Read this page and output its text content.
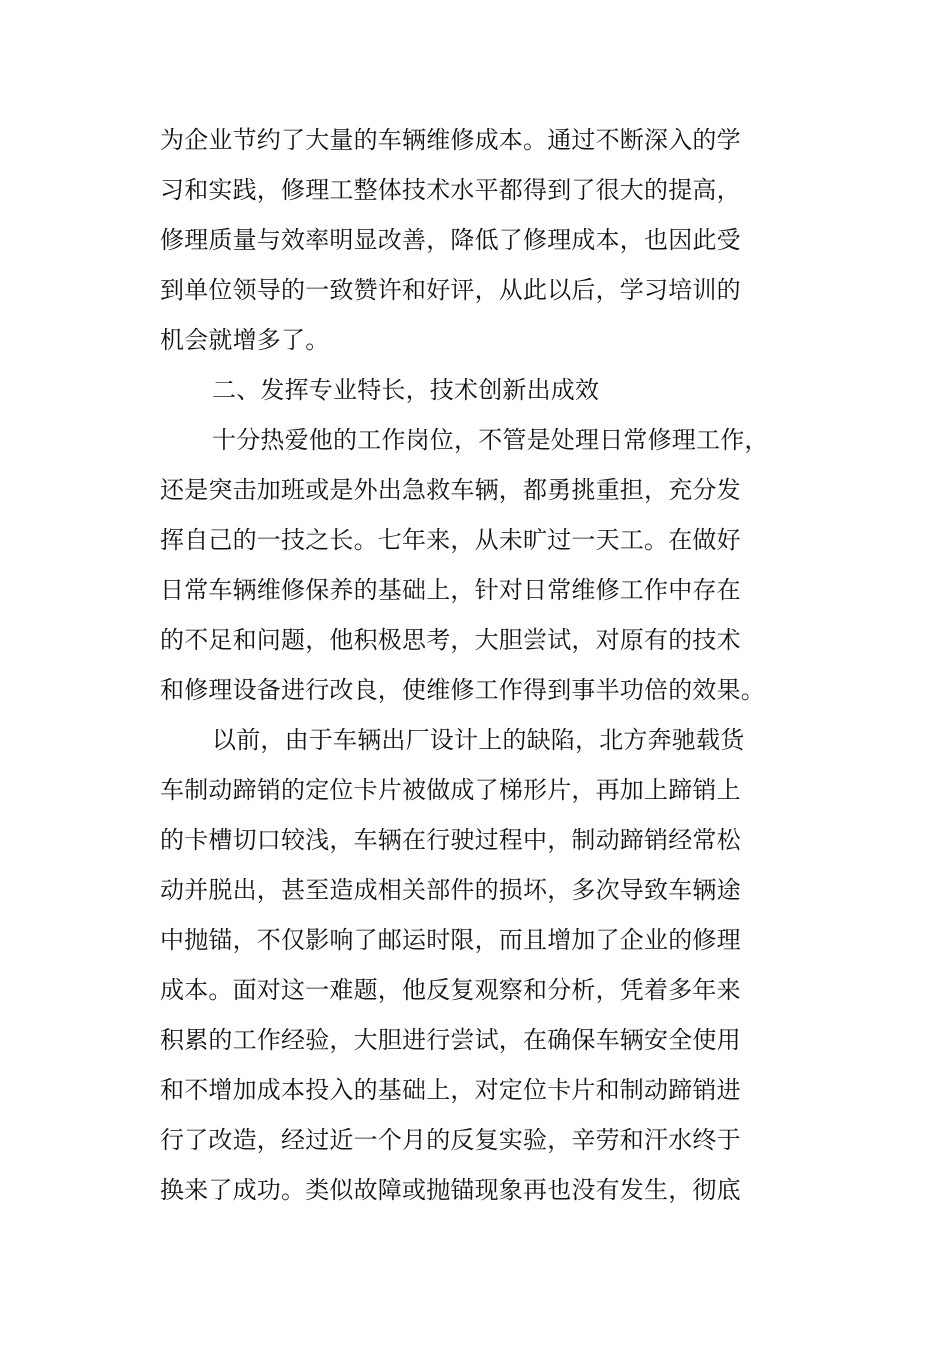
为企业节约了大量的车辆维修成本。通过不断深入的学

习和实践，修理工整体技术水平都得到了很大的提高，

修理质量与效率明显改善，降低了修理成本，也因此受

到单位领导的一致赞许和好评，从此以后，学习培训的

机会就增多了。

二、发挥专业特长，技术创新出成效

十分热爱他的工作岗位，不管是处理日常修理工作，

还是突击加班或是外出急救车辆，都勇挑重担，充分发

挥自己的一技之长。七年来，从未旷过一天工。在做好

日常车辆维修保养的基础上，针对日常维修工作中存在

的不足和问题，他积极思考，大胆尝试，对原有的技术

和修理设备进行改良，使维修工作得到事半功倍的效果。

以前，由于车辆出厂设计上的缺陷，北方奔驰载货

车制动蹄销的定位卡片被做成了梯形片，再加上蹄销上

的卡槽切口较浅，车辆在行驶过程中，制动蹄销经常松

动并脱出，甚至造成相关部件的损坏，多次导致车辆途

中抛锚，不仅影响了邮运时限，而且增加了企业的修理

成本。面对这一难题，他反复观察和分析，凭着多年来

积累的工作经验，大胆进行尝试，在确保车辆安全使用

和不增加成本投入的基础上，对定位卡片和制动蹄销进

行了改造，经过近一个月的反复实验，辛劳和汗水终于

换来了成功。类似故障或抛锚现象再也没有发生，彻底
